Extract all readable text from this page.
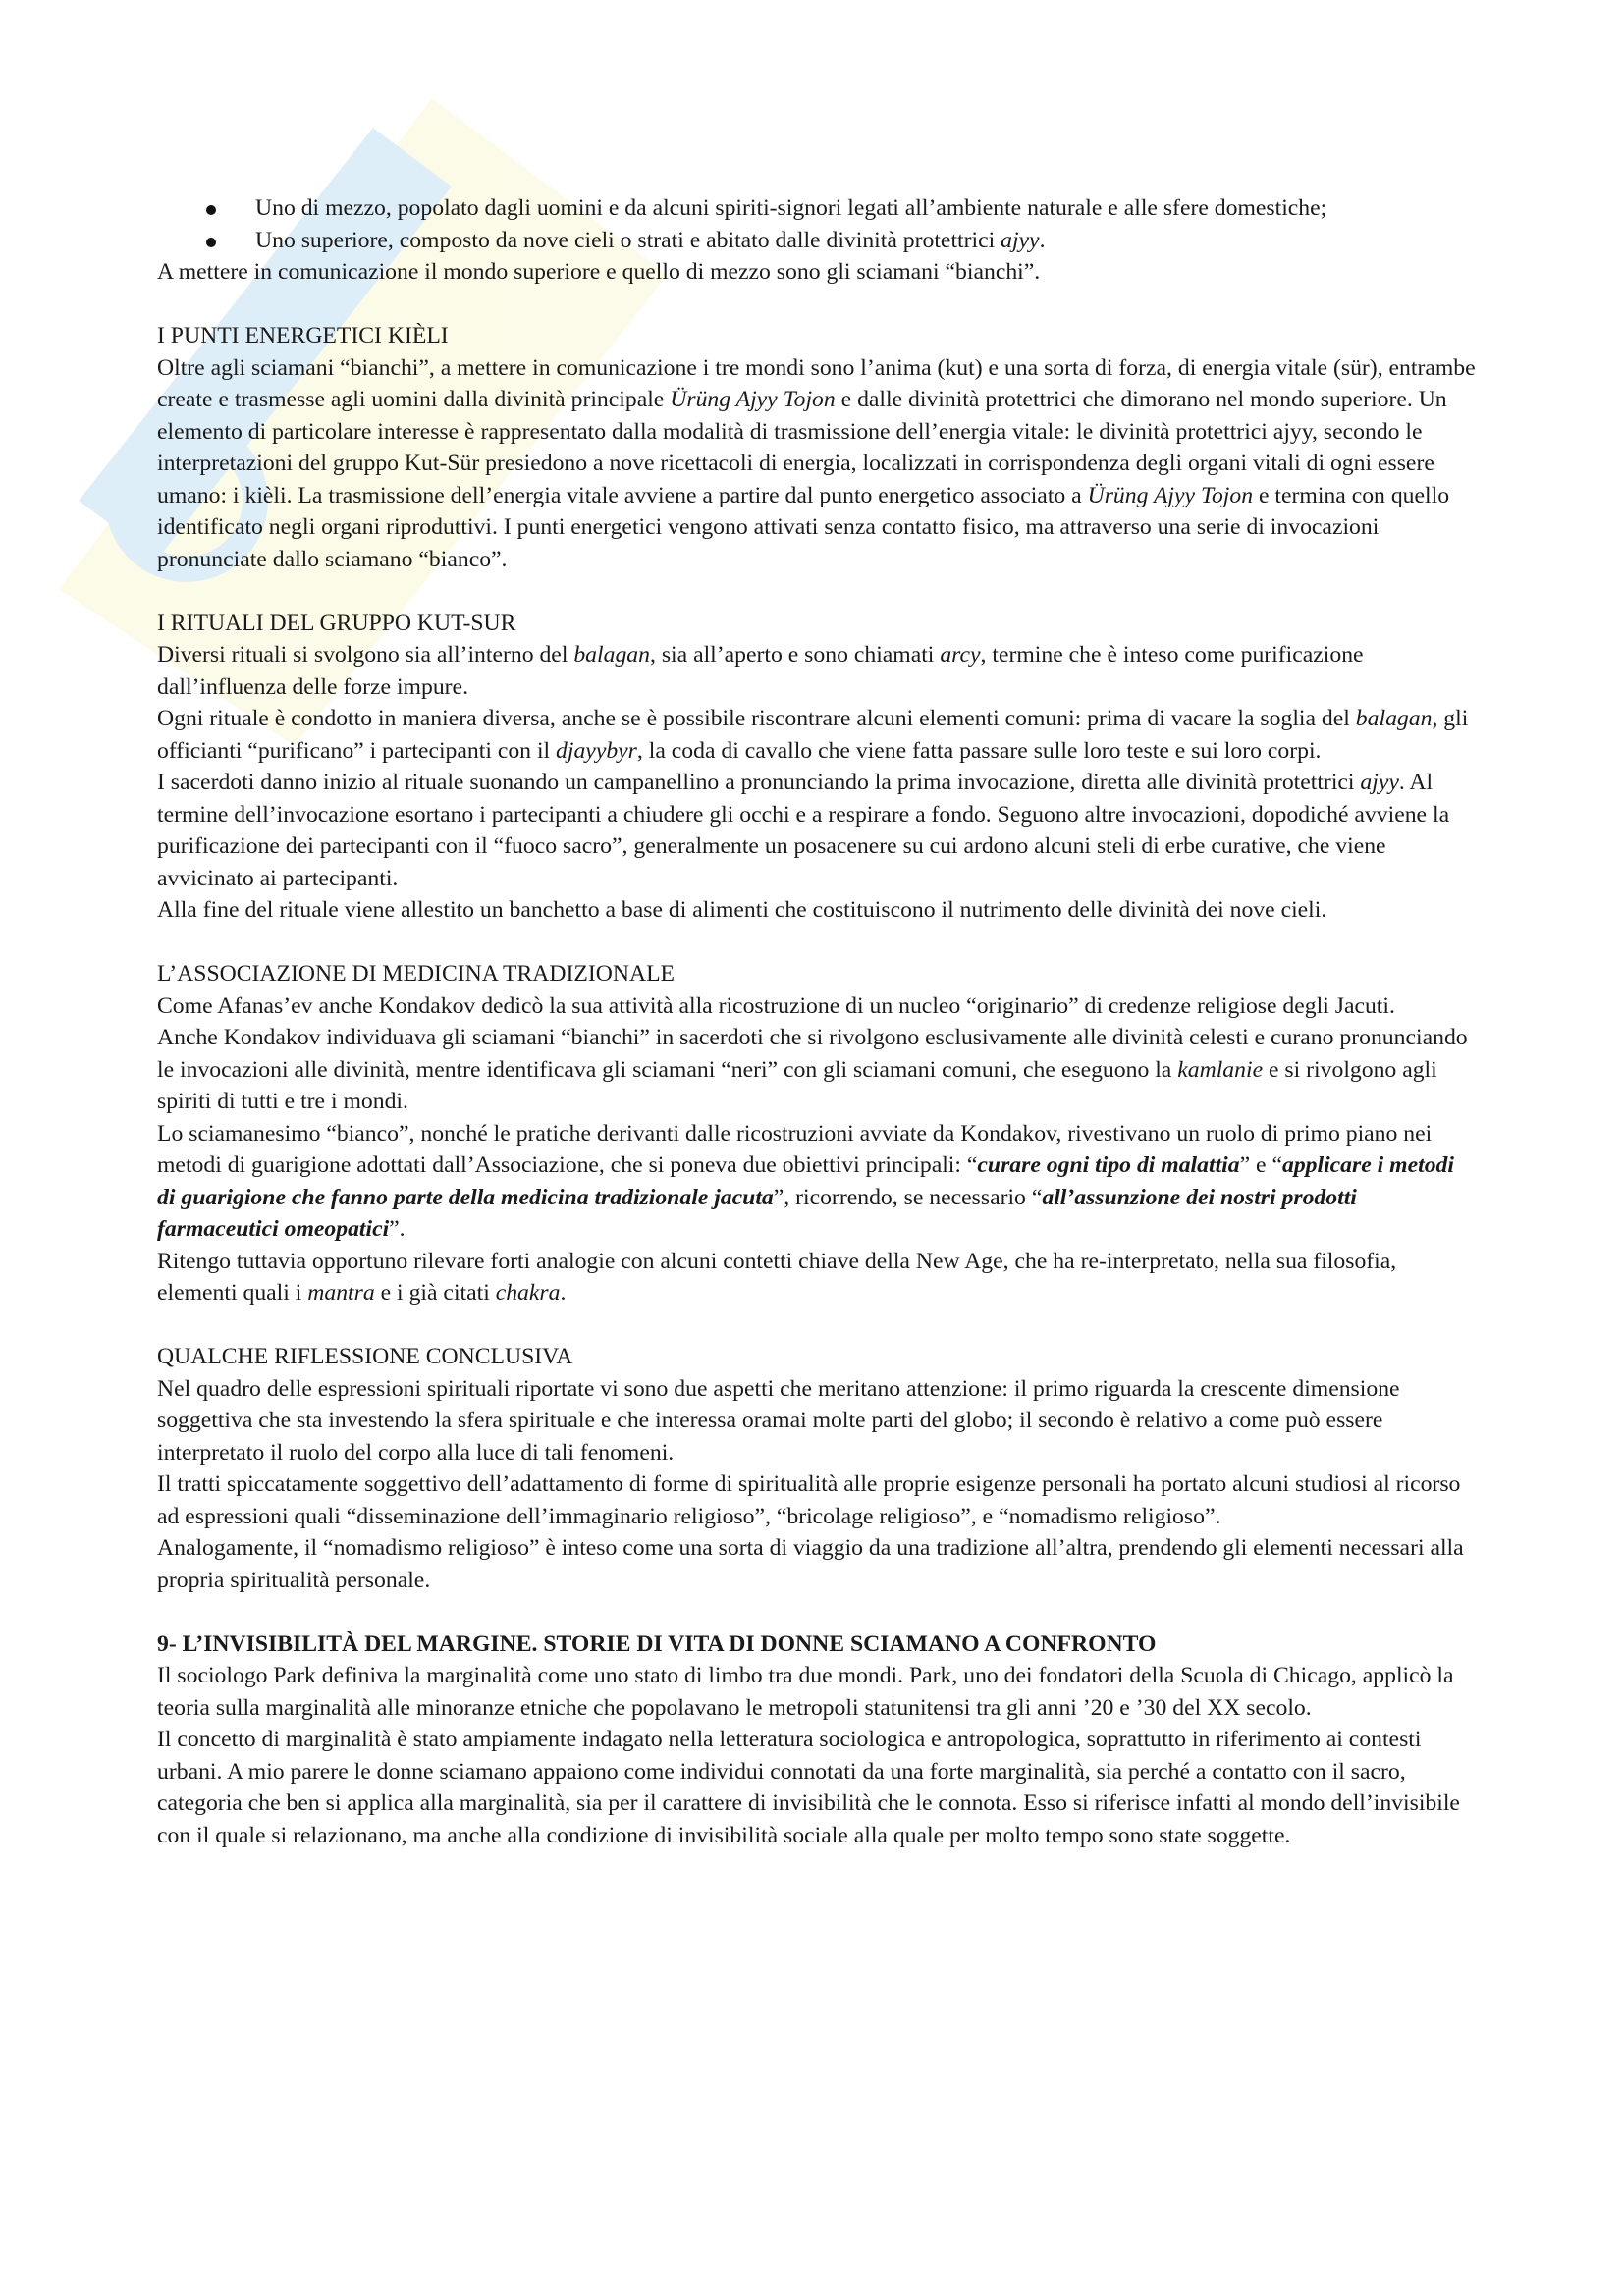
Uno di mezzo, popolato dagli uomini e da alcuni spiriti-signori legati all’ambiente naturale e alle sfere domestiche;
Uno superiore, composto da nove cieli o strati e abitato dalle divinità protettrici ajyy.

A mettere in comunicazione il mondo superiore e quello di mezzo sono gli sciamani “bianchi”.

I PUNTI ENERGETICI KIÈLI

Oltre agli sciamani “bianchi”, a mettere in comunicazione i tre mondi sono l’anima (kut) e una sorta di forza, di energia vitale (sür), entrambe create e trasmesse agli uomini dalla divinità principale Ürüng Ajyy Tojon e dalle divinità protettrici che dimorano nel mondo superiore. Un elemento di particolare interesse è rappresentato dalla modalità di trasmissione dell’energia vitale: le divinità protettrici ajyy, secondo le interpretazioni del gruppo Kut-Sür presiedono a nove ricettacoli di energia, localizzati in corrispondenza degli organi vitali di ogni essere umano: i kièli. La trasmissione dell’energia vitale avviene a partire dal punto energetico associato a Ürüng Ajyy Tojon e termina con quello identificato negli organi riproduttivi. I punti energetici vengono attivati senza contatto fisico, ma attraverso una serie di invocazioni pronunciate dallo sciamano “bianco”.

I RITUALI DEL GRUPPO KUT-SUR

Diversi rituali si svolgono sia all’interno del balagan, sia all’aperto e sono chiamati arcy, termine che è inteso come purificazione dall’influenza delle forze impure.

Ogni rituale è condotto in maniera diversa, anche se è possibile riscontrare alcuni elementi comuni: prima di vacare la soglia del balagan, gli officianti “purificano” i partecipanti con il djayybyr, la coda di cavallo che viene fatta passare sulle loro teste e sui loro corpi.

I sacerdoti danno inizio al rituale suonando un campanellino a pronunciando la prima invocazione, diretta alle divinità protettrici ajyy. Al termine dell’invocazione esortano i partecipanti a chiudere gli occhi e a respirare a fondo. Seguono altre invocazioni, dopodiché avviene la purificazione dei partecipanti con il “fuoco sacro”, generalmente un posacenere su cui ardono alcuni steli di erbe curative, che viene avvicinato ai partecipanti.

Alla fine del rituale viene allestito un banchetto a base di alimenti che costituiscono il nutrimento delle divinità dei nove cieli.

L’ASSOCIAZIONE DI MEDICINA TRADIZIONALE

Come Afanas’ev anche Kondakov dedicò la sua attività alla ricostruzione di un nucleo “originario” di credenze religiose degli Jacuti.

Anche Kondakov individuava gli sciamani “bianchi” in sacerdoti che si rivolgono esclusivamente alle divinità celesti e curano pronunciando le invocazioni alle divinità, mentre identificava gli sciamani “neri” con gli sciamani comuni, che eseguono la kamlanie e si rivolgono agli spiriti di tutti e tre i mondi.

Lo sciamanesimo “bianco”, nonché le pratiche derivanti dalle ricostruzioni avviate da Kondakov, rivestivano un ruolo di primo piano nei metodi di guarigione adottati dall’Associazione, che si poneva due obiettivi principali: “curare ogni tipo di malattia” e “applicare i metodi di guarigione che fanno parte della medicina tradizionale jacuta”, ricorrendo, se necessario “all’assunzione dei nostri prodotti farmaceutici omeopatici”.

Ritengo tuttavia opportuno rilevare forti analogie con alcuni contetti chiave della New Age, che ha re-interpretato, nella sua filosofia, elementi quali i mantra e i già citati chakra.

QUALCHE RIFLESSIONE CONCLUSIVA

Nel quadro delle espressioni spirituali riportate vi sono due aspetti che meritano attenzione: il primo riguarda la crescente dimensione soggettiva che sta investendo la sfera spirituale e che interessa oramai molte parti del globo; il secondo è relativo a come può essere interpretato il ruolo del corpo alla luce di tali fenomeni.

Il tratti spiccatamente soggettivo dell’adattamento di forme di spiritualità alle proprie esigenze personali ha portato alcuni studiosi al ricorso ad espressioni quali “disseminazione dell’immaginario religioso”, “bricolage religioso”, e “nomadismo religioso”.

Analogamente, il “nomadismo religioso” è inteso come una sorta di viaggio da una tradizione all’altra, prendendo gli elementi necessari alla propria spiritualità personale.

9- L’INVISIBILITÀ DEL MARGINE. STORIE DI VITA DI DONNE SCIAMANO A CONFRONTO

Il sociologo Park definiva la marginalità come uno stato di limbo tra due mondi. Park, uno dei fondatori della Scuola di Chicago, applicò la teoria sulla marginalità alle minoranze etniche che popolavano le metropoli statunitensi tra gli anni ’20 e ’30 del XX secolo.

Il concetto di marginalità è stato ampiamente indagato nella letteratura sociologica e antropologica, soprattutto in riferimento ai contesti urbani. A mio parere le donne sciamano appaiono come individui connotati da una forte marginalità, sia perché a contatto con il sacro, categoria che ben si applica alla marginalità, sia per il carattere di invisibilità che le connota. Esso si riferisce infatti al mondo dell’invisibile con il quale si relazionano, ma anche alla condizione di invisibilità sociale alla quale per molto tempo sono state soggette.
